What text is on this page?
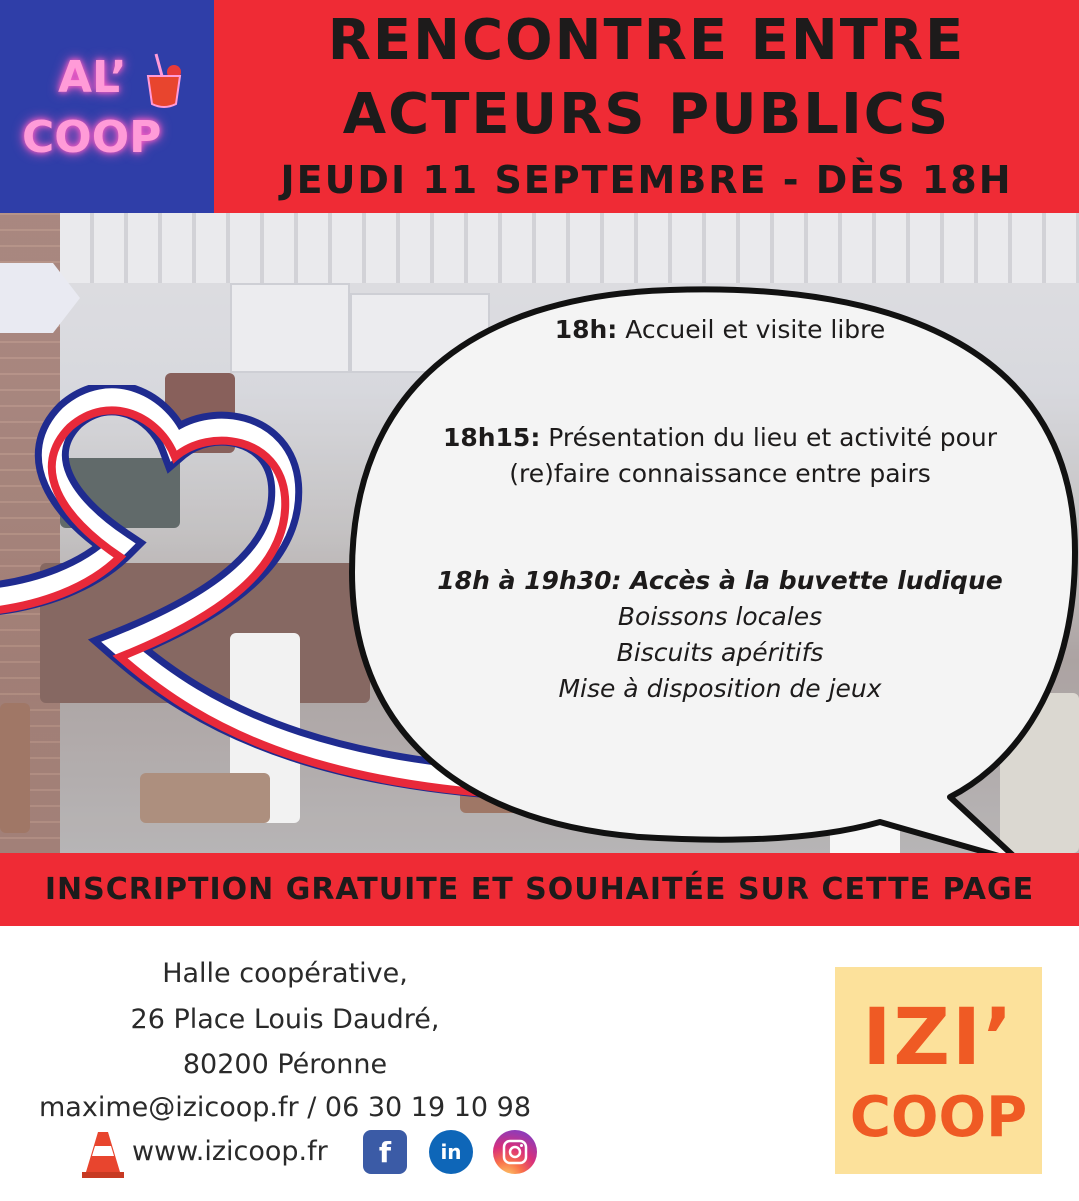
AL’
COOP
RENCONTRE ENTRE
ACTEURS PUBLICS
JEUDI 11 SEPTEMBRE - DÈS 18H
18h: Accueil et visite libre
18h15: Présentation du lieu et activité pour
(re)faire connaissance entre pairs
18h à 19h30: Accès à la buvette ludique
Boissons locales
Biscuits apéritifs
Mise à disposition de jeux
INSCRIPTION GRATUITE ET SOUHAITÉE SUR CETTE PAGE
Halle coopérative,
26 Place Louis Daudré,
80200 Péronne
maxime@izicoop.fr / 06 30 19 10 98
www.izicoop.fr	f	in
IZI’
COOP
